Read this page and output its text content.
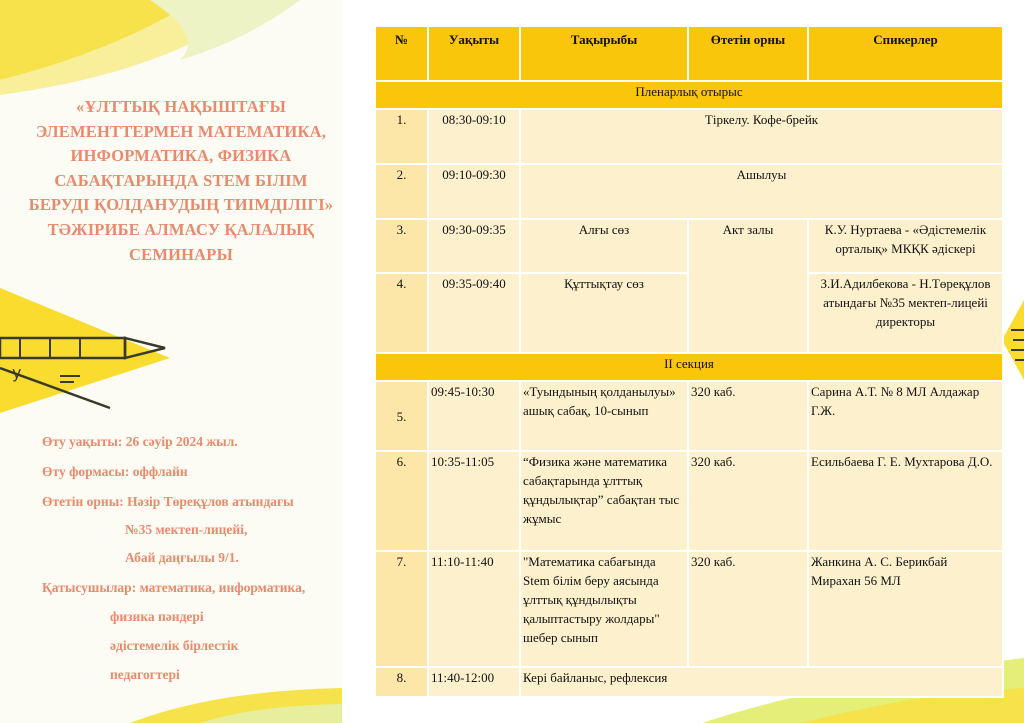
y
«ҰЛТТЫҚ НАҚЫШТАҒЫ ЭЛЕМЕНТТЕРМЕН МАТЕМАТИКА, ИНФОРМАТИКА, ФИЗИКА САБАҚТАРЫНДА STEM БІЛІМ БЕРУДІ ҚОЛДАНУДЫҢ ТИІМДІЛІГІ» ТӘЖІРИБЕ АЛМАСУ ҚАЛАЛЫҚ СЕМИНАРЫ
Өту уақыты: 26 сәуір 2024 жыл.
Өту формасы: оффлайн
Өтетін орны: Нәзір Төреқұлов атындағы
№35 мектеп-лицейі,
Абай даңғылы 9/1.
Қатысушылар: математика, информатика,
физика пәндері
әдістемелік бірлестік
педагогтері
№	Уақыты	Тақырыбы	Өтетін орны	Спикерлер
Пленарлық отырыс				
1.	08:30-09:10	Тіркелу. Кофе-брейк		
2.	09:10-09:30	Ашылуы		
3.	09:30-09:35	Алғы сөз	Акт залы	К.У. Нуртаева - «Әдістемелік орталық» МКҚК әдіскері
4.	09:35-09:40	Құттықтау сөз		З.И.Адилбекова - Н.Төреқұлов атындағы №35 мектеп-лицейі директоры
II секция				
5.	09:45-10:30	«Туындының қолданылуы» ашық сабақ, 10-сынып	320 каб.	Сарина А.Т. № 8 МЛ Алдажар Г.Ж.
6.	10:35-11:05	“Физика және математика сабақтарында ұлттық құндылықтар” сабақтан тыс жұмыс	320 каб.	Есильбаева Г. Е. Мухтарова Д.О.
7.	11:10-11:40	"Математика сабағында Stem білім беру аясында ұлттық құндылықты қалыптастыру жолдары" шебер сынып	320 каб.	Жанкина А. С. Берикбай Мирахан 56 МЛ
8.	11:40-12:00	Кері байланыс, рефлексия		
